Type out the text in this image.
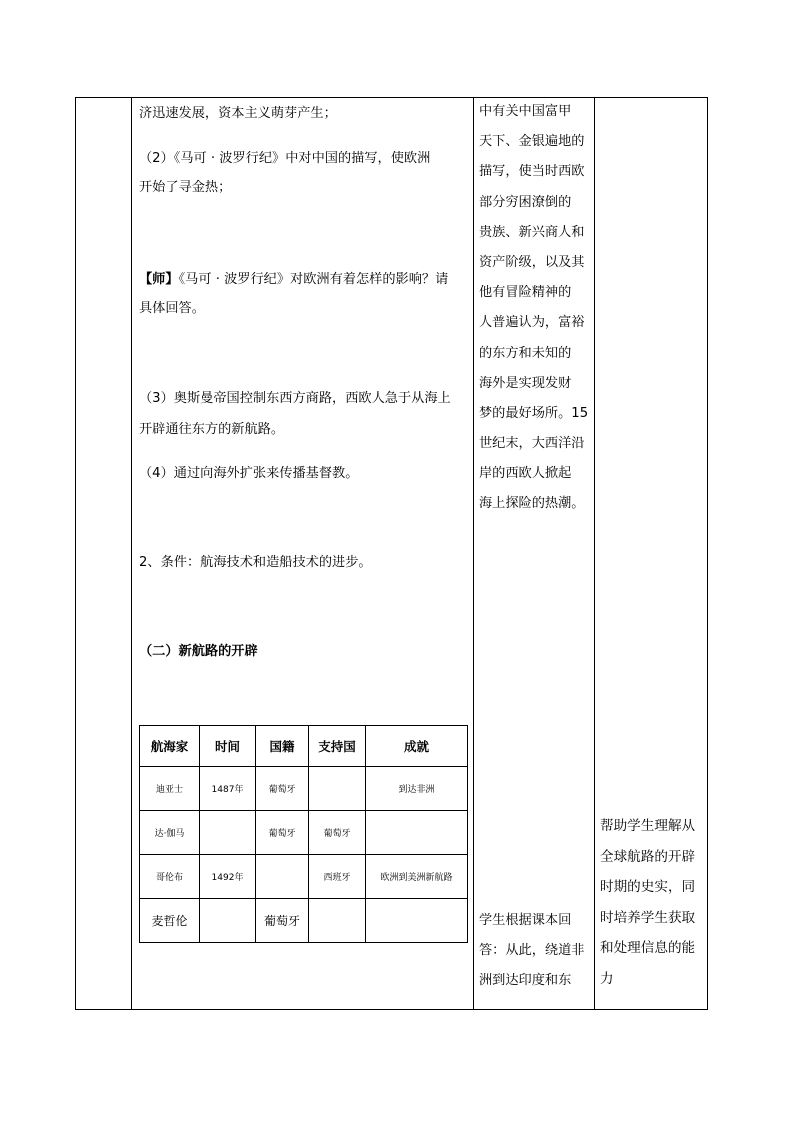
济迅速发展，资本主义萌芽产生；
（2）《马可 · 波罗行纪》中对中国的描写，使欧洲
开始了寻金热；
【师】《马可 · 波罗行纪》对欧洲有着怎样的影响？请
具体回答。
（3）奥斯曼帝国控制东西方商路，西欧人急于从海上
开辟通往东方的新航路。
（4）通过向海外扩张来传播基督教。
2、条件：航海技术和造船技术的进步。
（二）新航路的开辟
航海家	时间	国籍	支持国	成就
迪亚士	1487年	葡萄牙		到达非洲
达·伽马		葡萄牙	葡萄牙	
哥伦布	1492年		西班牙	欧洲到美洲新航路
麦哲伦		葡萄牙		
中有关中国富甲
天下、金银遍地的
描写，使当时西欧
部分穷困潦倒的
贵族、新兴商人和
资产阶级，以及其
他有冒险精神的
人普遍认为，富裕
的东方和未知的
海外是实现发财
梦的最好场所。15
世纪末，大西洋沿
岸的西欧人掀起
海上探险的热潮。
学生根据课本回
答：从此，绕道非
洲到达印度和东
帮助学生理解从
全球航路的开辟
时期的史实，同
时培养学生获取
和处理信息的能
力
